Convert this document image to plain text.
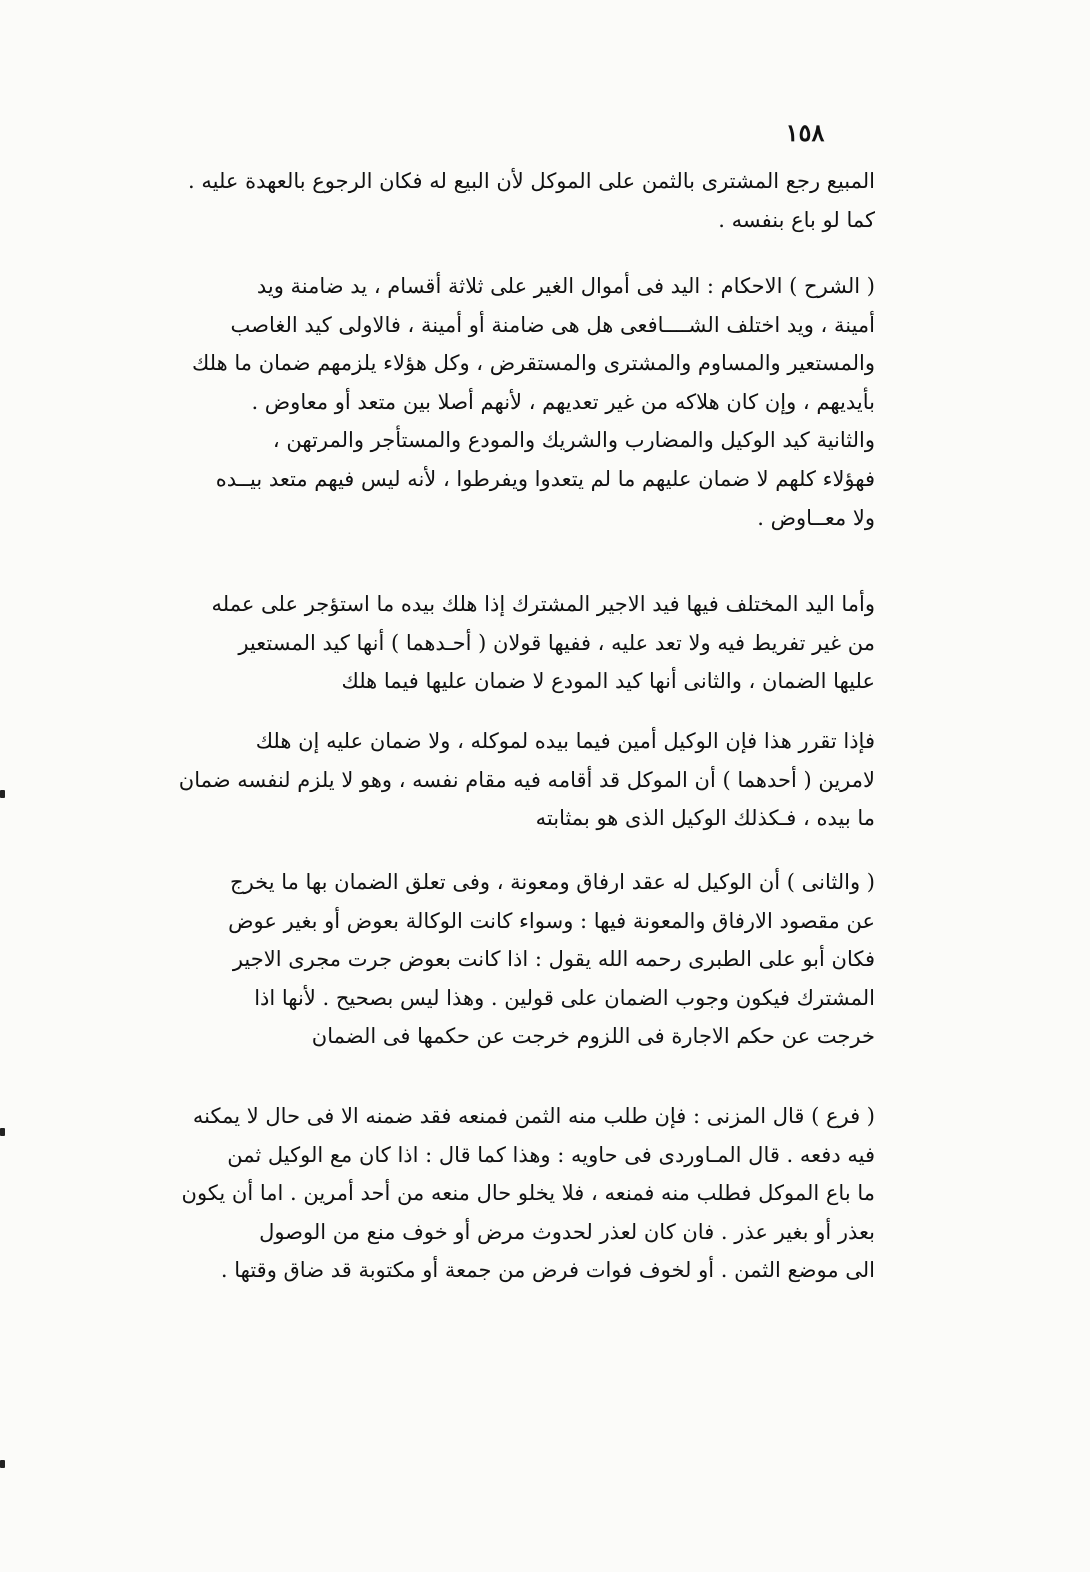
١٥٨
المبيع رجع المشترى بالثمن على الموكل لأن البيع له فكان الرجوع بالعهدة عليه .
كما لو باع بنفسه .
( الشرح ) الاحكام : اليد فى أموال الغير على ثلاثة أقسام ، يد ضامنة ويد
أمينة ، ويد اختلف الشــــافعى هل هى ضامنة أو أمينة ، فالاولى كيد الغاصب
والمستعير والمساوم والمشترى والمستقرض ، وكل هؤلاء يلزمهم ضمان ما هلك
بأيديهم ، وإن كان هلاكه من غير تعديهم ، لأنهم أصلا بين متعد أو معاوض .
والثانية كيد الوكيل والمضارب والشريك والمودع والمستأجر والمرتهن ،
فهؤلاء كلهم لا ضمان عليهم ما لم يتعدوا ويفرطوا ، لأنه ليس فيهم متعد بيــده
ولا معــاوض .
وأما اليد المختلف فيها فيد الاجير المشترك إذا هلك بيده ما استؤجر على عمله
من غير تفريط فيه ولا تعد عليه ، ففيها قولان ( أحـدهما ) أنها كيد المستعير
عليها الضمان ، والثانى أنها كيد المودع لا ضمان عليها فيما هلك
فإذا تقرر هذا فإن الوكيل أمين فيما بيده لموكله ، ولا ضمان عليه إن هلك
لامرين ( أحدهما ) أن الموكل قد أقامه فيه مقام نفسه ، وهو لا يلزم لنفسه ضمان
ما بيده ، فـكذلك الوكيل الذى هو بمثابته
( والثانى ) أن الوكيل له عقد ارفاق ومعونة ، وفى تعلق الضمان بها ما يخرج
عن مقصود الارفاق والمعونة فيها : وسواء كانت الوكالة بعوض أو بغير عوض
فكان أبو على الطبرى رحمه الله يقول : اذا كانت بعوض جرت مجرى الاجير
المشترك فيكون وجوب الضمان على قولين . وهذا ليس بصحيح . لأنها اذا
خرجت عن حكم الاجارة فى اللزوم خرجت عن حكمها فى الضمان
( فرع ) قال المزنى : فإن طلب منه الثمن فمنعه فقد ضمنه الا فى حال لا يمكنه
فيه دفعه . قال المـاوردى فى حاويه : وهذا كما قال : اذا كان مع الوكيل ثمن
ما باع الموكل فطلب منه فمنعه ، فلا يخلو حال منعه من أحد أمرين . اما أن يكون
بعذر أو بغير عذر . فان كان لعذر لحدوث مرض أو خوف منع من الوصول
الى موضع الثمن . أو لخوف فوات فرض من جمعة أو مكتوبة قد ضاق وقتها .
